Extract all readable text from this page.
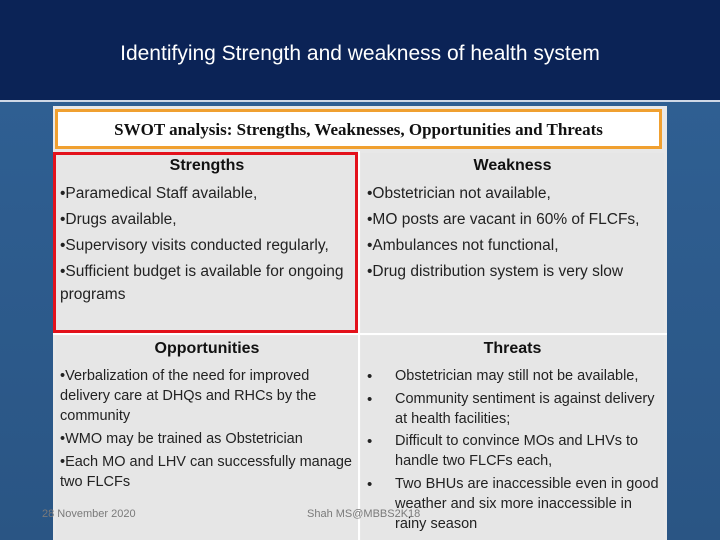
Identifying Strength and weakness of health system
SWOT analysis: Strengths, Weaknesses, Opportunities and Threats
Strengths
•Paramedical Staff available,
•Drugs available,
•Supervisory visits conducted regularly,
•Sufficient budget is available for ongoing
programs
Weakness
•Obstetrician not available,
•MO posts are vacant in 60% of FLCFs,
•Ambulances not functional,
•Drug distribution system is very slow
Opportunities
•Verbalization of the need for improved
delivery care at DHQs and RHCs by the
community
•WMO may be trained as Obstetrician
•Each MO and LHV can successfully manage
two FLCFs
Threats
• Obstetrician may still not be available,
• Community sentiment is against delivery
at health facilities;
• Difficult to convince MOs and LHVs to
handle two FLCFs each,
• Two BHUs are inaccessible even in good
weather and six more inaccessible in
rainy season
28 November 2020	Shah MS@MBBS2K18
